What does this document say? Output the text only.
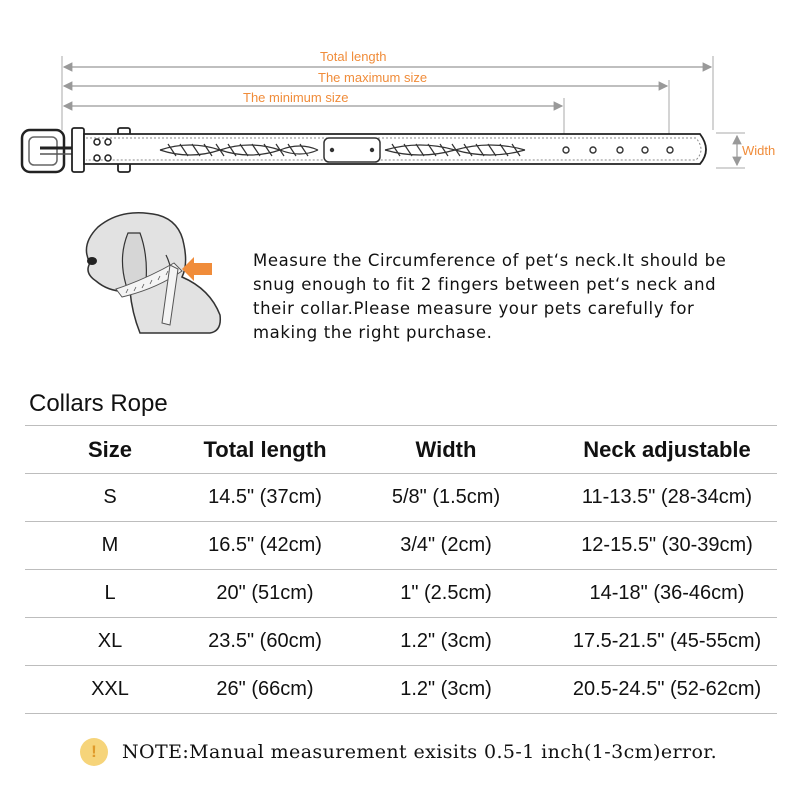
Total length
The maximum size
The minimum size
Width
Measure the Circumference of pet‘s neck.It should be snug enough to fit 2 fingers between pet‘s neck and their collar.Please measure your pets carefully for making the right purchase.
Collars Rope
Size	Total length	Width	Neck adjustable
S	14.5" (37cm)	5/8" (1.5cm)	11-13.5" (28-34cm)
M	16.5" (42cm)	3/4" (2cm)	12-15.5" (30-39cm)
L	20" (51cm)	1" (2.5cm)	14-18" (36-46cm)
XL	23.5" (60cm)	1.2" (3cm)	17.5-21.5" (45-55cm)
XXL	26" (66cm)	1.2" (3cm)	20.5-24.5" (52-62cm)
!	NOTE:Manual measurement exisits 0.5-1 inch(1-3cm)error.
